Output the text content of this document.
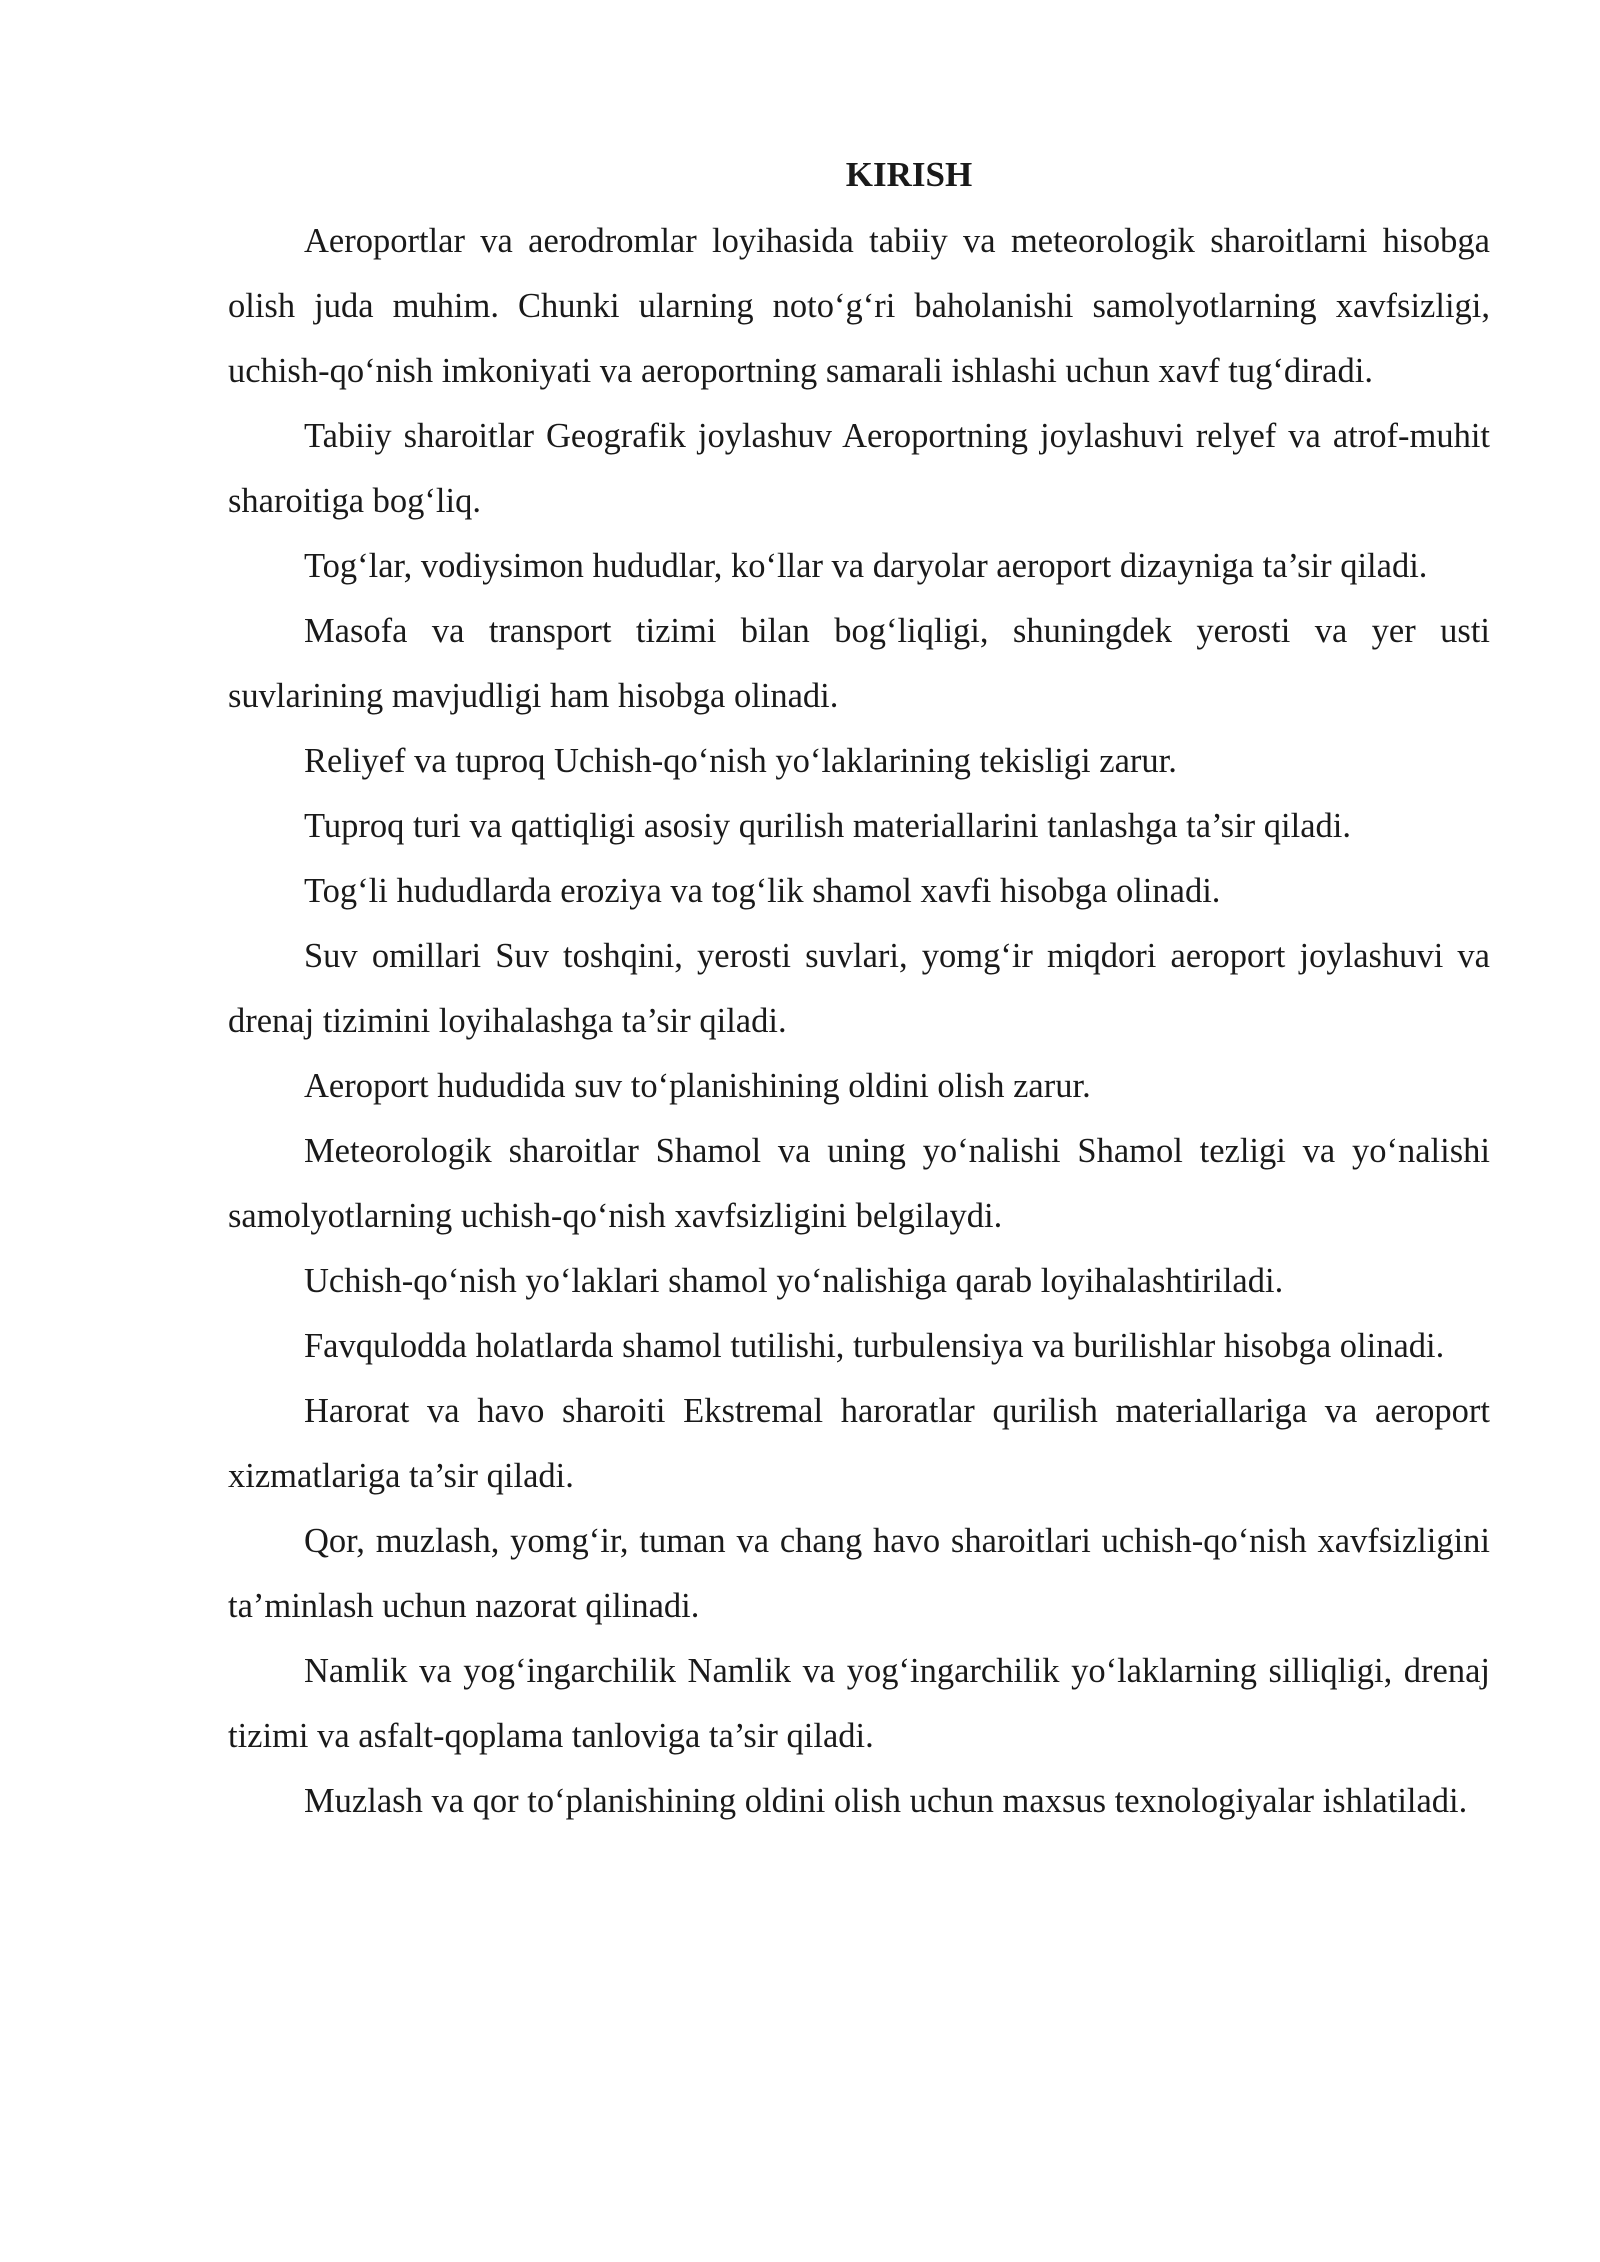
KIRISH

Aeroportlar va aerodromlar loyihasida tabiiy va meteorologik sharoitlarni hisobga olish juda muhim. Chunki ularning noto‘g‘ri baholanishi samolyotlarning xavfsizligi, uchish-qo‘nish imkoniyati va aeroportning samarali ishlashi uchun xavf tug‘diradi.

Tabiiy sharoitlar Geografik joylashuv Aeroportning joylashuvi relyef va atrof-muhit sharoitiga bog‘liq.

Tog‘lar, vodiysimon hududlar, ko‘llar va daryolar aeroport dizayniga ta’sir qiladi.

Masofa va transport tizimi bilan bog‘liqligi, shuningdek yerosti va yer usti suvlarining mavjudligi ham hisobga olinadi.

Reliyef va tuproq Uchish-qo‘nish yo‘laklarining tekisligi zarur.

Tuproq turi va qattiqligi asosiy qurilish materiallarini tanlashga ta’sir qiladi.

Tog‘li hududlarda eroziya va tog‘lik shamol xavfi hisobga olinadi.

Suv omillari Suv toshqini, yerosti suvlari, yomg‘ir miqdori aeroport joylashuvi va drenaj tizimini loyihalashga ta’sir qiladi.

Aeroport hududida suv to‘planishining oldini olish zarur.

Meteorologik sharoitlar Shamol va uning yo‘nalishi Shamol tezligi va yo‘nalishi samolyotlarning uchish-qo‘nish xavfsizligini belgilaydi.

Uchish-qo‘nish yo‘laklari shamol yo‘nalishiga qarab loyihalashtiriladi.

Favqulodda holatlarda shamol tutilishi, turbulensiya va burilishlar hisobga olinadi.

Harorat va havo sharoiti Ekstremal haroratlar qurilish materiallariga va aeroport xizmatlariga ta’sir qiladi.

Qor, muzlash, yomg‘ir, tuman va chang havo sharoitlari uchish-qo‘nish xavfsizligini ta’minlash uchun nazorat qilinadi.

Namlik va yog‘ingarchilik Namlik va yog‘ingarchilik yo‘laklarning silliqligi, drenaj tizimi va asfalt-qoplama tanloviga ta’sir qiladi.

Muzlash va qor to‘planishining oldini olish uchun maxsus texnologiyalar ishlatiladi.
